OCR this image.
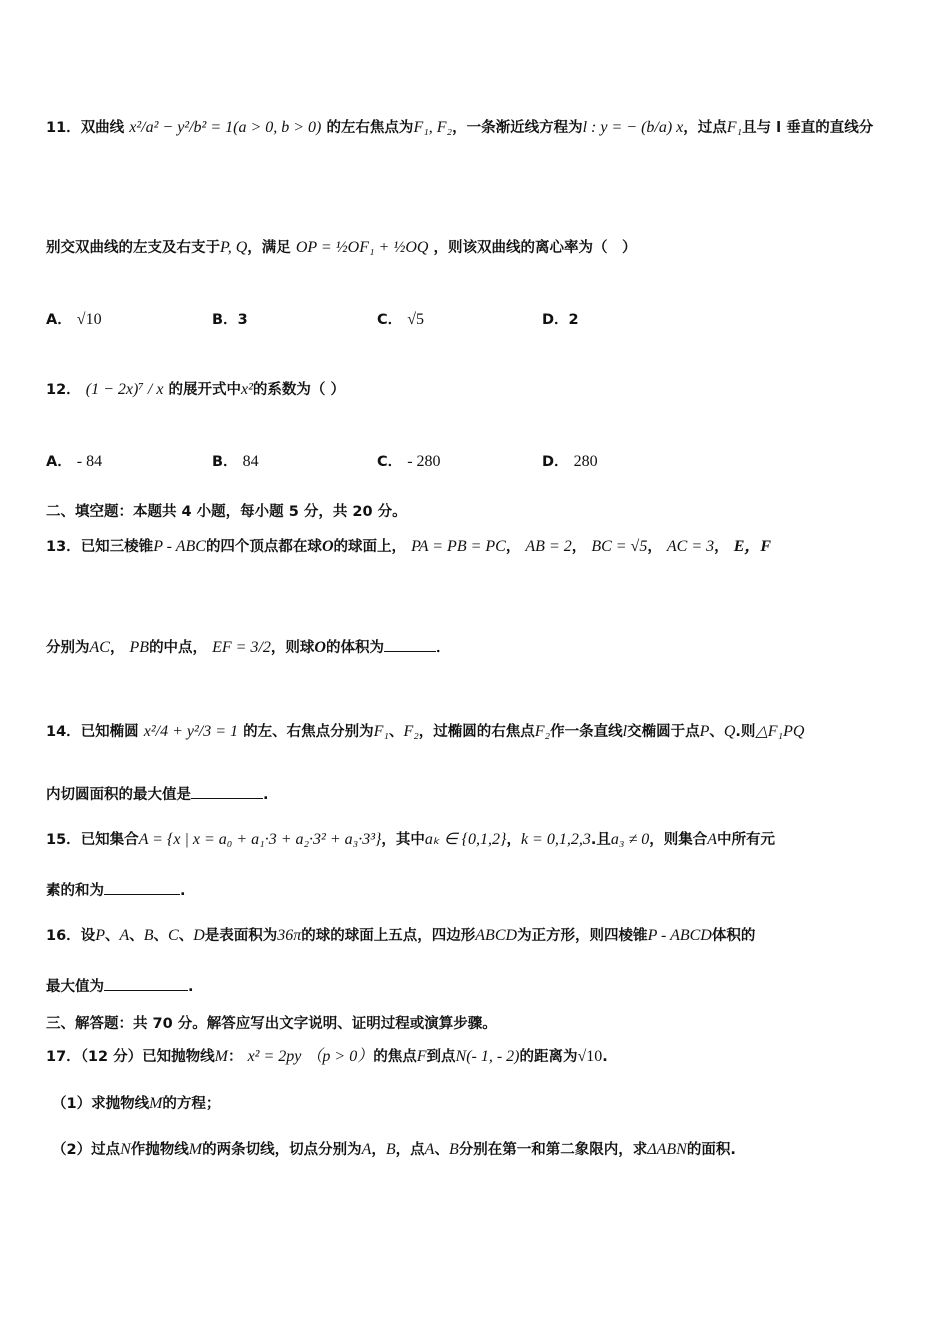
11．双曲线 x²/a² − y²/b² = 1(a > 0, b > 0) 的左右焦点为F₁, F₂，一条渐近线方程为l : y = − (b/a) x，过点F₁且与 l 垂直的直线分
别交双曲线的左支及右支于P, Q，满足 OP = ½OF₁ + ½OQ ，则该双曲线的离心率为（　）
A． √10	B．3	C． √5	D．2
12． (1 − 2x)⁷ / x 的展开式中x²的系数为（ ）
A． - 84	B． 84	C． - 280	D． 280
二、填空题：本题共 4 小题，每小题 5 分，共 20 分。
13．已知三棱锥P - ABC的四个顶点都在球O的球面上， PA = PB = PC， AB = 2， BC = √5， AC = 3， E，F
分别为AC， PB的中点， EF = 3/2，则球O的体积为	．
14．已知椭圆 x²/4 + y²/3 = 1 的左、右焦点分别为F₁、F₂，过椭圆的右焦点F₂作一条直线l交椭圆于点P、Q.则△F₁PQ
内切圆面积的最大值是	.
15．已知集合A = {x | x = a₀ + a₁·3 + a₂·3² + a₃·3³}，其中aₖ ∈ {0,1,2}，k = 0,1,2,3.且a₃ ≠ 0，则集合A中所有元
素的和为	.
16．设P、A、B、C、D是表面积为36π的球的球面上五点，四边形ABCD为正方形，则四棱锥P - ABCD体积的
最大值为	.
三、解答题：共 70 分。解答应写出文字说明、证明过程或演算步骤。
17．（12 分）已知抛物线M： x² = 2py （p > 0）的焦点F到点N(- 1, - 2)的距离为√10.
（1）求抛物线M的方程；
（2）过点N作抛物线M的两条切线，切点分别为A，B，点A、B分别在第一和第二象限内，求ΔABN的面积.
